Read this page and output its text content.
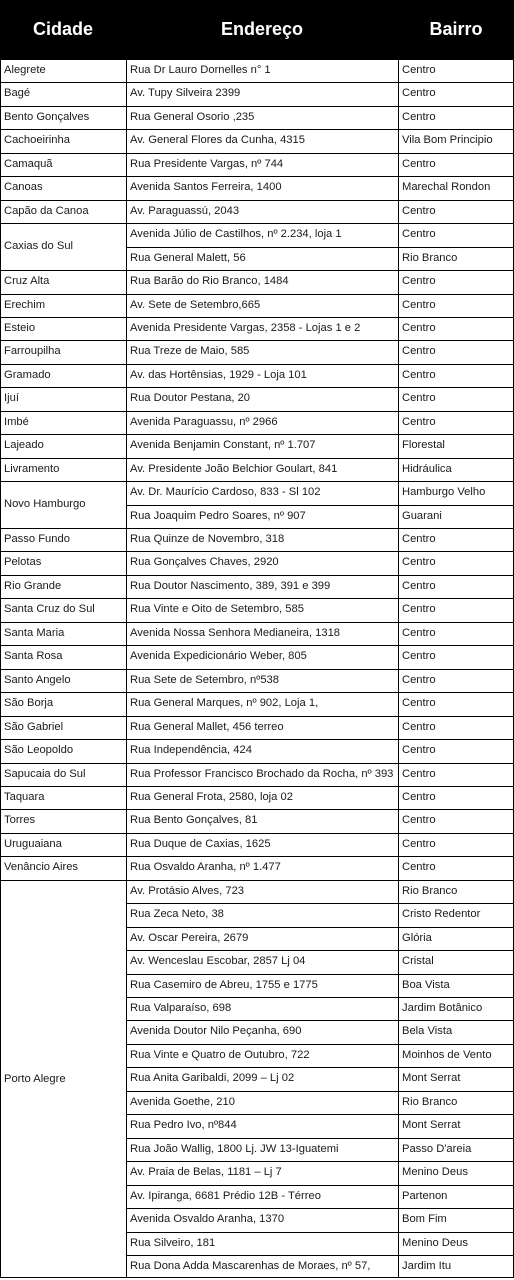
Cidade	Endereço	Bairro
Alegrete	Rua Dr Lauro Dornelles n° 1	Centro
Bagé	Av. Tupy Silveira 2399	Centro
Bento Gonçalves	Rua General Osorio ,235	Centro
Cachoeirinha	Av. General Flores da Cunha, 4315	Vila Bom Principio
Camaquã	Rua Presidente Vargas, nº 744	Centro
Canoas	Avenida Santos Ferreira, 1400	Marechal Rondon
Capão da Canoa	Av. Paraguassú, 2043	Centro
Caxias do Sul
Avenida Júlio de Castilhos, nº 2.234, loja 1	Centro
Rua General Malett, 56	Rio Branco
Cruz Alta	Rua Barão do Rio Branco, 1484	Centro
Erechim	Av. Sete de Setembro,665	Centro
Esteio	Avenida Presidente Vargas, 2358 - Lojas 1 e 2	Centro
Farroupilha	Rua Treze de Maio, 585	Centro
Gramado	Av. das Hortênsias, 1929 - Loja 101	Centro
Ijuí	Rua Doutor Pestana, 20	Centro
Imbé	Avenida Paraguassu, nº 2966	Centro
Lajeado	Avenida Benjamin Constant, nº 1.707	Florestal
Livramento	Av. Presidente João Belchior Goulart, 841	Hidráulica
Novo Hamburgo
Av. Dr. Maurício Cardoso, 833 - Sl 102	Hamburgo Velho
Rua Joaquim Pedro Soares, nº 907	Guarani
Passo Fundo	Rua Quinze de Novembro, 318	Centro
Pelotas	Rua Gonçalves Chaves, 2920	Centro
Rio Grande	Rua Doutor Nascimento, 389, 391 e 399	Centro
Santa Cruz do Sul	Rua Vinte e Oito de Setembro, 585	Centro
Santa Maria	Avenida Nossa Senhora Medianeira, 1318	Centro
Santa Rosa	Avenida Expedicionário Weber, 805	Centro
Santo Angelo	Rua Sete de Setembro, nº538	Centro
São Borja	Rua General Marques, nº 902, Loja 1,	Centro
São Gabriel	Rua General Mallet, 456 terreo	Centro
São Leopoldo	Rua Independência, 424	Centro
Sapucaia do Sul	Rua Professor Francisco Brochado da Rocha, nº 393 Centro
Taquara	Rua General Frota, 2580, loja 02	Centro
Torres	Rua Bento Gonçalves, 81	Centro
Uruguaiana	Rua Duque de Caxias, 1625	Centro
Venâncio Aires	Rua Osvaldo Aranha, nº 1.477	Centro
Porto Alegre
Av. Protásio Alves, 723	Rio Branco
Rua Zeca Neto, 38	Cristo Redentor
Av. Oscar Pereira, 2679	Glória
Av. Wenceslau Escobar, 2857 Lj 04	Cristal
Rua Casemiro de Abreu, 1755 e 1775	Boa Vista
Rua Valparaíso, 698	Jardim Botânico
Avenida Doutor Nilo Peçanha, 690	Bela Vista
Rua Vinte e Quatro de Outubro, 722	Moinhos de Vento
Rua Anita Garibaldi, 2099 – Lj 02	Mont Serrat
Avenida Goethe, 210	Rio Branco
Rua Pedro Ivo, nº844	Mont Serrat
Rua João Wallig, 1800 Lj. JW 13-Iguatemi	Passo D'areia
Av. Praia de Belas, 1181 – Lj 7	Menino Deus
Av. Ipiranga, 6681 Prédio 12B - Térreo	Partenon
Avenida Osvaldo Aranha, 1370	Bom Fim
Rua Silveiro, 181	Menino Deus
Rua Dona Adda Mascarenhas de Moraes, nº 57,	Jardim Itu
